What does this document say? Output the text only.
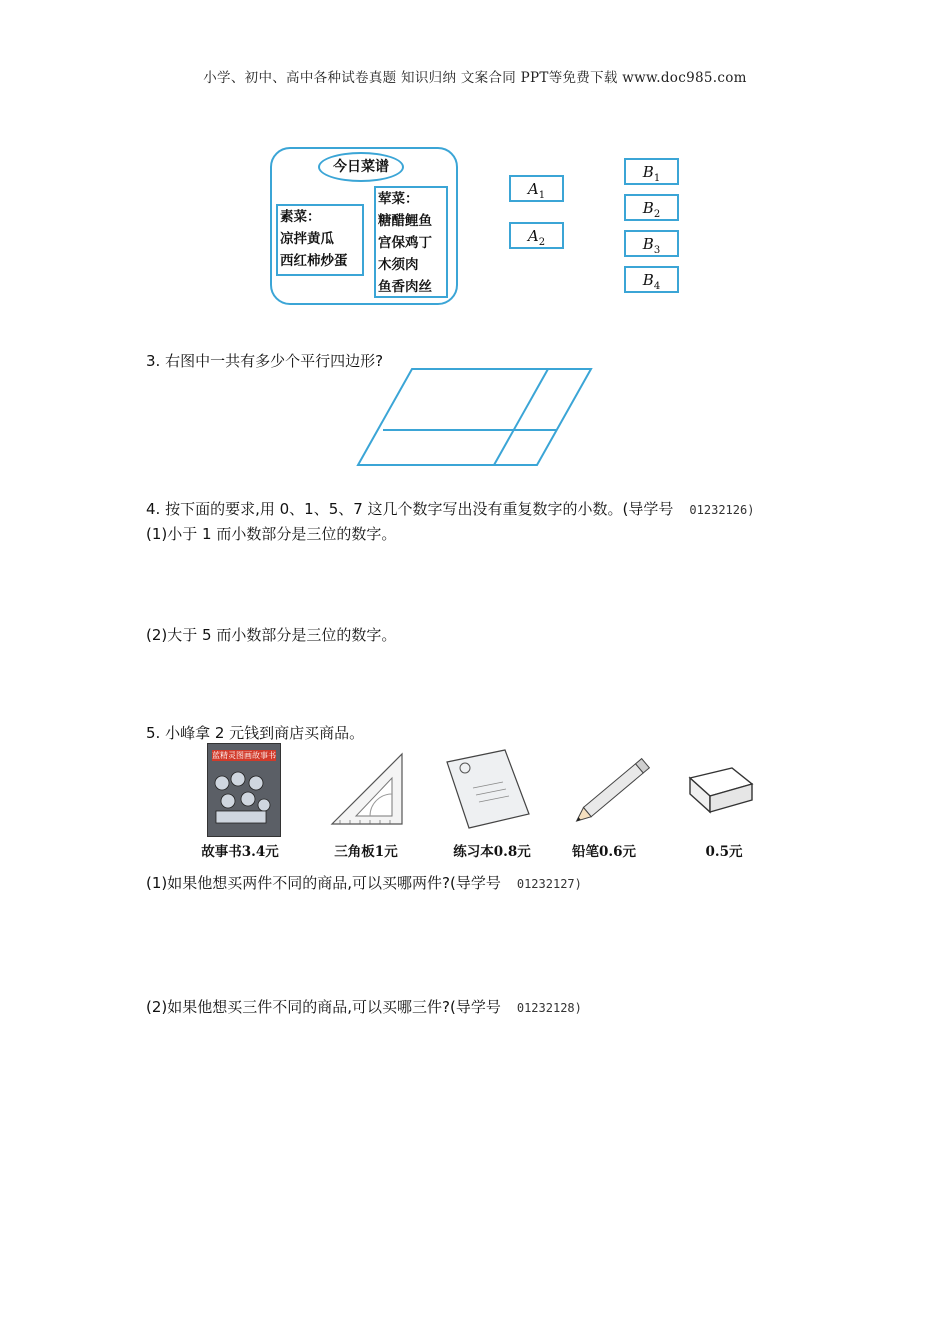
小学、初中、高中各种试卷真题 知识归纳 文案合同 PPT等免费下载 www.doc985.com
今日菜谱
素菜：
凉拌黄瓜
西红柿炒蛋
荤菜：
糖醋鲤鱼
宫保鸡丁
木须肉
鱼香肉丝
$A_1$
$A_2$
$B_1$
$B_2$
$B_3$
$B_4$
3. 右图中一共有多少个平行四边形?
4. 按下面的要求,用 0、1、5、7 这几个数字写出没有重复数字的小数。(导学号 01232126)
(1)小于 1 而小数部分是三位的数字。
(2)大于 5 而小数部分是三位的数字。
5. 小峰拿 2 元钱到商店买商品。
蓝精灵图画故事书
故事书3.4元	三角板1元	练习本0.8元	铅笔0.6元	0.5元
(1)如果他想买两件不同的商品,可以买哪两件?(导学号 01232127)
(2)如果他想买三件不同的商品,可以买哪三件?(导学号 01232128)
